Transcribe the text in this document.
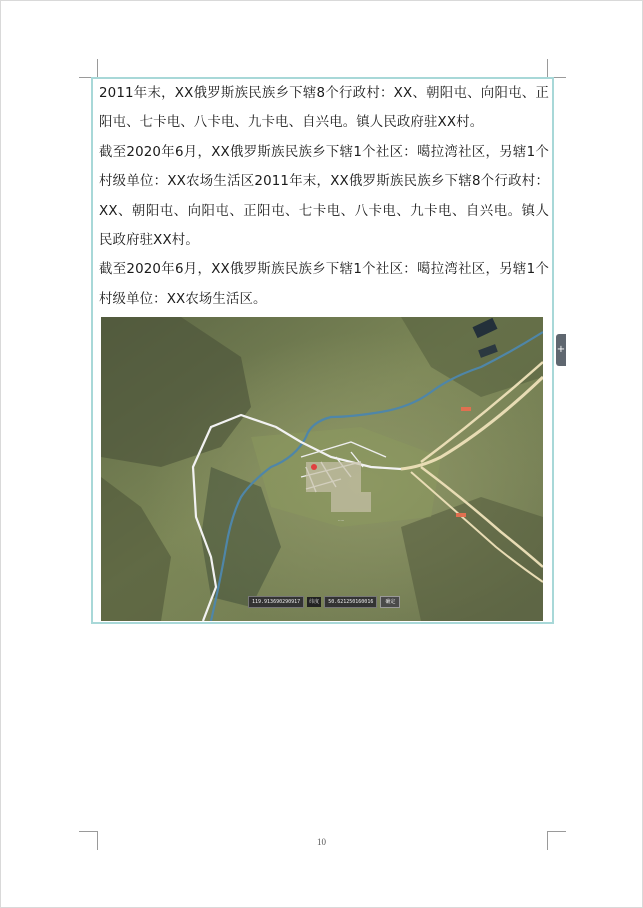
2011年末，XX俄罗斯族民族乡下辖8个行政村：XX、朝阳屯、向阳屯、正阳屯、七卡电、八卡电、九卡电、自兴电。镇人民政府驻XX村。

截至2020年6月，XX俄罗斯族民族乡下辖1个社区：噶拉湾社区，另辖1个村级单位：XX农场生活区2011年末，XX俄罗斯族民族乡下辖8个行政村：XX、朝阳屯、向阳屯、正阳屯、七卡电、八卡电、九卡电、自兴电。镇人民政府驻XX村。

截至2020年6月，XX俄罗斯族民族乡下辖1个社区：噶拉湾社区，另辖1个村级单位：XX农场生活区。

·····
119.913690290917	纬度	50.621250160016	确定
+
10
